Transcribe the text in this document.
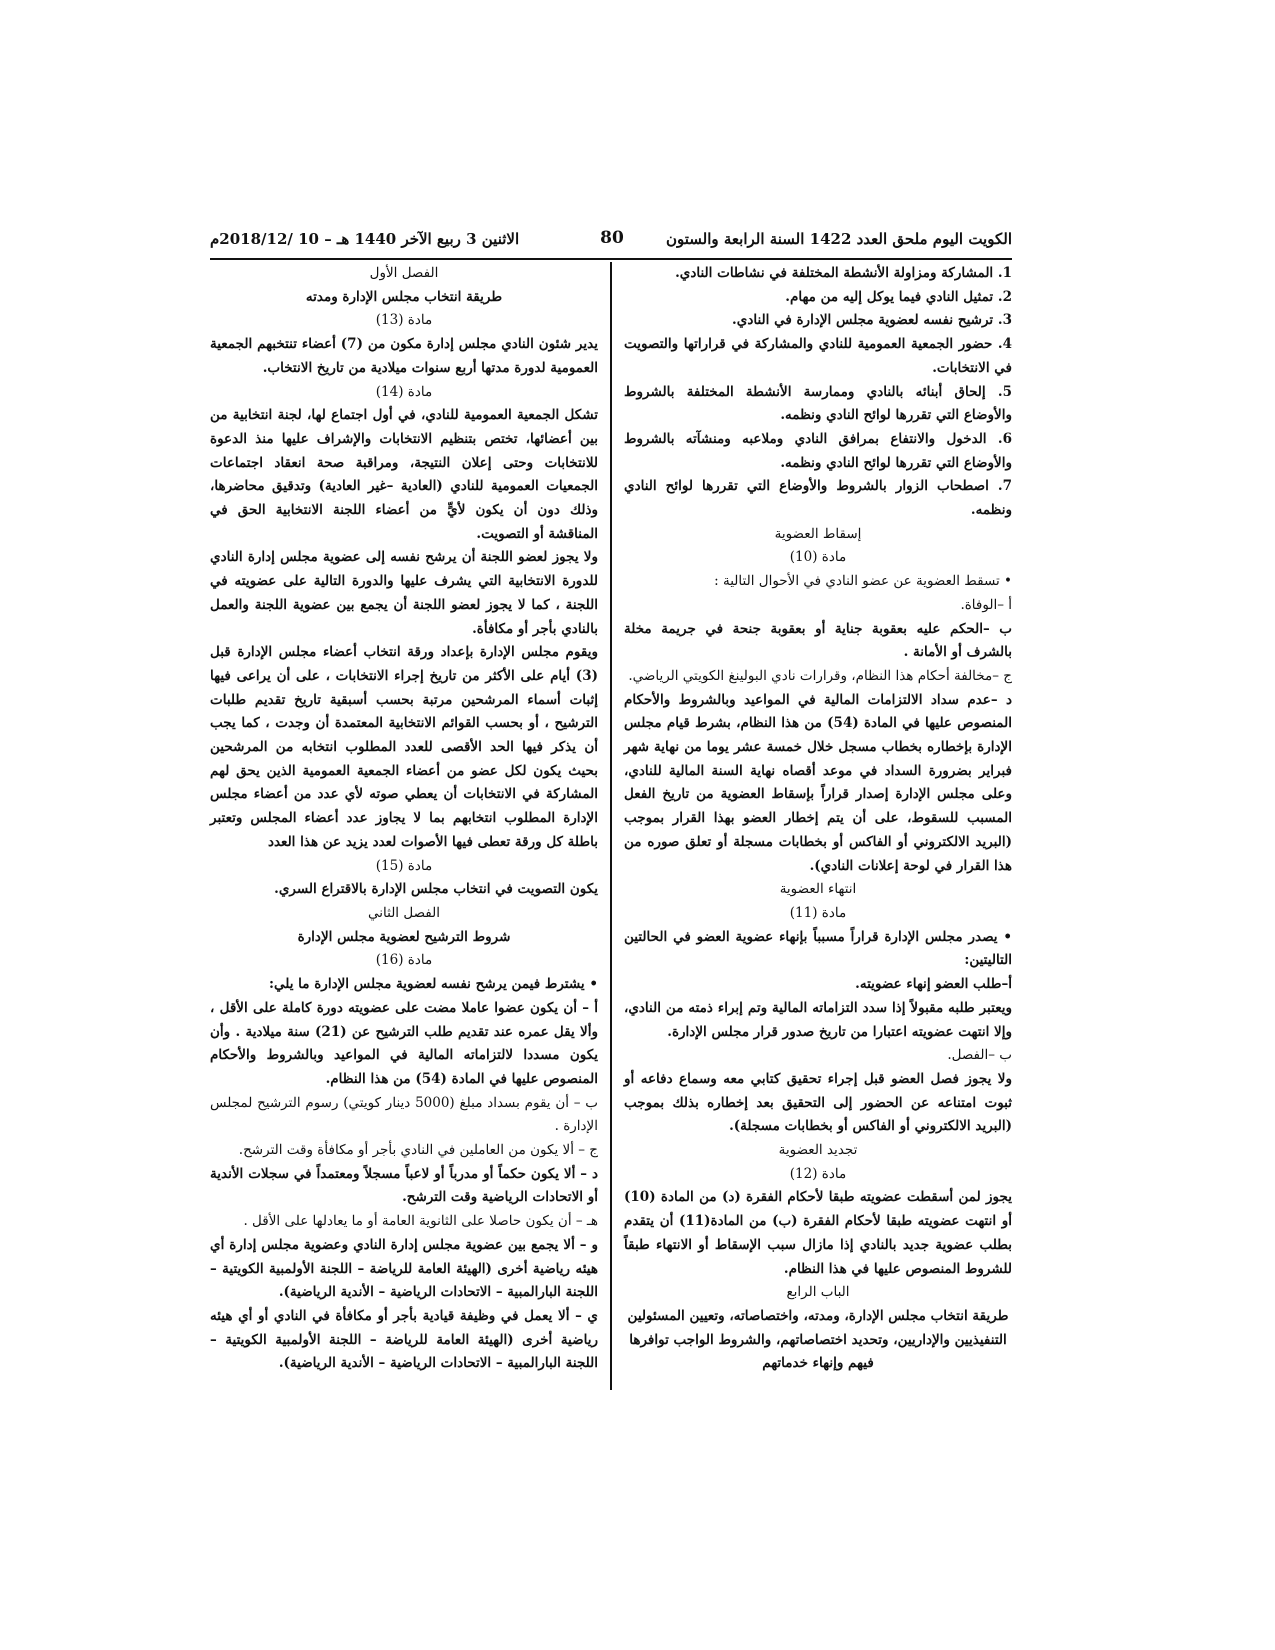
الكويت اليوم ملحق العدد 1422 السنة الرابعة والستون
80
الاثنين 3 ربيع الآخر 1440 هـ – 10 /2018/12م

1. المشاركة ومزاولة الأنشطة المختلفة في نشاطات النادي.

2. تمثيل النادي فيما يوكل إليه من مهام.

3. ترشيح نفسه لعضوية مجلس الإدارة في النادي.

4. حضور الجمعية العمومية للنادي والمشاركة في قراراتها والتصويت في الانتخابات.

5. إلحاق أبنائه بالنادي وممارسة الأنشطة المختلفة بالشروط والأوضاع التي تقررها لوائح النادي ونظمه.

6. الدخول والانتفاع بمرافق النادي وملاعبه ومنشآته بالشروط والأوضاع التي تقررها لوائح النادي ونظمه.

7. اصطحاب الزوار بالشروط والأوضاع التي تقررها لوائح النادي ونظمه.

إسقاط العضوية

مادة (10)

• تسقط العضوية عن عضو النادي في الأحوال التالية :

أ –الوفاة.

ب –الحكم عليه بعقوبة جناية أو بعقوبة جنحة في جريمة مخلة بالشرف أو الأمانة .

ج –مخالفة أحكام هذا النظام، وقرارات نادي البولينغ الكويتي الرياضي.

د –عدم سداد الالتزامات المالية في المواعيد وبالشروط والأحكام المنصوص عليها في المادة (54) من هذا النظام، بشرط قيام مجلس الإدارة بإخطاره بخطاب مسجل خلال خمسة عشر يوما من نهاية شهر فبراير بضرورة السداد في موعد أقصاه نهاية السنة المالية للنادي، وعلى مجلس الإدارة إصدار قراراً بإسقاط العضوية من تاريخ الفعل المسبب للسقوط، على أن يتم إخطار العضو بهذا القرار بموجب (البريد الالكتروني أو الفاكس أو بخطابات مسجلة أو تعلق صوره من هذا القرار في لوحة إعلانات النادي).

انتهاء العضوية

مادة (11)

• يصدر مجلس الإدارة قراراً مسبباً بإنهاء عضوية العضو في الحالتين التاليتين:

أ–طلب العضو إنهاء عضويته.

ويعتبر طلبه مقبولاً إذا سدد التزاماته المالية وتم إبراء ذمته من النادي، وإلا انتهت عضويته اعتبارا من تاريخ صدور قرار مجلس الإدارة.

ب –الفصل.

ولا يجوز فصل العضو قبل إجراء تحقيق كتابي معه وسماع دفاعه أو ثبوت امتناعه عن الحضور إلى التحقيق بعد إخطاره بذلك بموجب (البريد الالكتروني أو الفاكس أو بخطابات مسجلة).

تجديد العضوية

مادة (12)

يجوز لمن أسقطت عضويته طبقا لأحكام الفقرة (د) من المادة (10) أو انتهت عضويته طبقا لأحكام الفقرة (ب) من المادة(11) أن يتقدم بطلب عضوية جديد بالنادي إذا مازال سبب الإسقاط أو الانتهاء طبقاً للشروط المنصوص عليها في هذا النظام.

الباب الرابع

طريقة انتخاب مجلس الإدارة، ومدته، واختصاصاته، وتعيين المسئولين التنفيذيين والإداريين، وتحديد اختصاصاتهم، والشروط الواجب توافرها فيهم وإنهاء خدماتهم

الفصل الأول

طريقة انتخاب مجلس الإدارة ومدته

مادة (13)

يدير شئون النادي مجلس إدارة مكون من (7) أعضاء تنتخبهم الجمعية العمومية لدورة مدتها أربع سنوات ميلادية من تاريخ الانتخاب.

مادة (14)

تشكل الجمعية العمومية للنادي، في أول اجتماع لها، لجنة انتخابية من بين أعضائها، تختص بتنظيم الانتخابات والإشراف عليها منذ الدعوة للانتخابات وحتى إعلان النتيجة، ومراقبة صحة انعقاد اجتماعات الجمعيات العمومية للنادي (العادية –غير العادية) وتدقيق محاضرها، وذلك دون أن يكون لأيٍّ من أعضاء اللجنة الانتخابية الحق في المناقشة أو التصويت.

ولا يجوز لعضو اللجنة أن يرشح نفسه إلى عضوية مجلس إدارة النادي للدورة الانتخابية التي يشرف عليها والدورة التالية على عضويته في اللجنة ، كما لا يجوز لعضو اللجنة أن يجمع بين عضوية اللجنة والعمل بالنادي بأجر أو مكافأة.

ويقوم مجلس الإدارة بإعداد ورقة انتخاب أعضاء مجلس الإدارة قبل (3) أيام على الأكثر من تاريخ إجراء الانتخابات ، على أن يراعى فيها إثبات أسماء المرشحين مرتبة بحسب أسبقية تاريخ تقديم طلبات الترشيح ، أو بحسب القوائم الانتخابية المعتمدة أن وجدت ، كما يجب أن يذكر فيها الحد الأقصى للعدد المطلوب انتخابه من المرشحين بحيث يكون لكل عضو من أعضاء الجمعية العمومية الذين يحق لهم المشاركة في الانتخابات أن يعطي صوته لأي عدد من أعضاء مجلس الإدارة المطلوب انتخابهم بما لا يجاوز عدد أعضاء المجلس وتعتبر باطلة كل ورقة تعطى فيها الأصوات لعدد يزيد عن هذا العدد

مادة (15)

يكون التصويت في انتخاب مجلس الإدارة بالاقتراع السري.

الفصل الثاني

شروط الترشيح لعضوية مجلس الإدارة

مادة (16)

• يشترط فيمن يرشح نفسه لعضوية مجلس الإدارة ما يلي:

أ – أن يكون عضوا عاملا مضت على عضويته دورة كاملة على الأقل ، وألا يقل عمره عند تقديم طلب الترشيح عن (21) سنة ميلادية . وأن يكون مسددا لالتزاماته المالية في المواعيد وبالشروط والأحكام المنصوص عليها في المادة (54) من هذا النظام.

ب – أن يقوم بسداد مبلغ (5000 دينار كويتي) رسوم الترشيح لمجلس الإدارة .

ج – ألا يكون من العاملين في النادي بأجر أو مكافأة وقت الترشح.

د – ألا يكون حكماً أو مدرباً أو لاعباً مسجلاً ومعتمداً في سجلات الأندية أو الاتحادات الرياضية وقت الترشح.

هـ – أن يكون حاصلا على الثانوية العامة أو ما يعادلها على الأقل .

و – ألا يجمع بين عضوية مجلس إدارة النادي وعضوية مجلس إدارة أي هيئه رياضية أخرى (الهيئة العامة للرياضة – اللجنة الأولمبية الكويتية – اللجنة البارالمبية – الاتحادات الرياضية – الأندية الرياضية).

ي – ألا يعمل في وظيفة قيادية بأجر أو مكافأة في النادي أو أي هيئه رياضية أخرى (الهيئة العامة للرياضة – اللجنة الأولمبية الكويتية – اللجنة البارالمبية – الاتحادات الرياضية – الأندية الرياضية).
